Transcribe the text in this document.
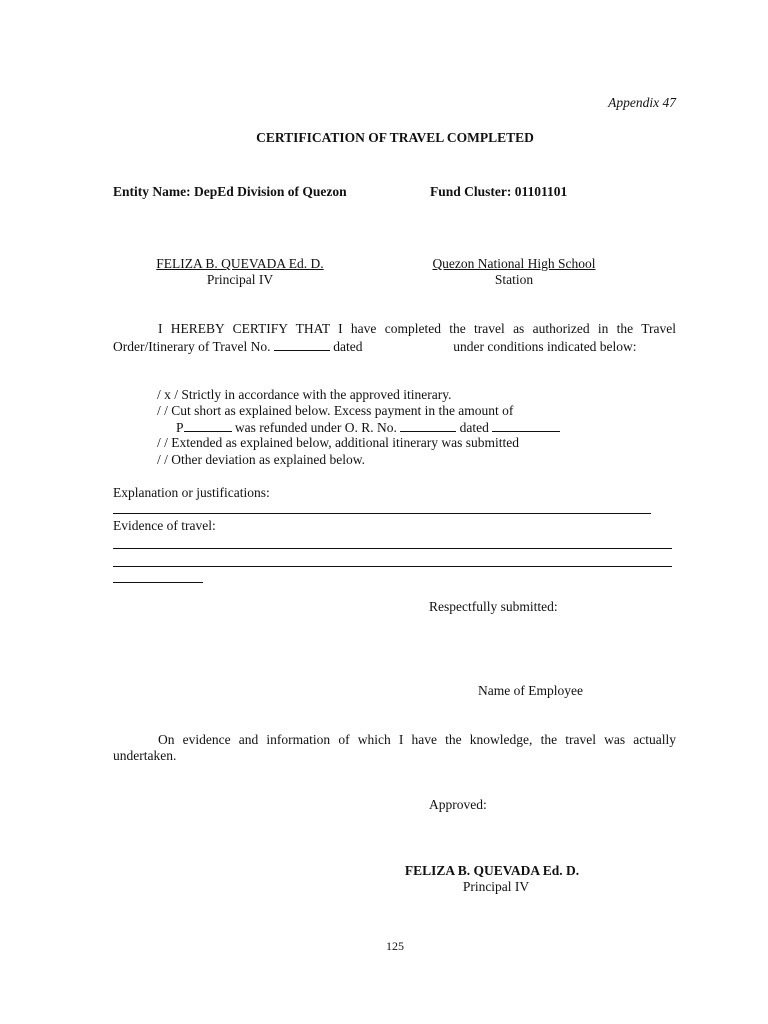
Appendix 47
CERTIFICATION OF TRAVEL COMPLETED
Entity Name: DepEd Division of Quezon	Fund Cluster: 01101101
FELIZA B. QUEVADA Ed. D.
Principal IV
Quezon National High School
Station
I HEREBY CERTIFY THAT I have completed the travel as authorized in the Travel
Order/Itinerary of Travel No.	dated	under conditions indicated below:
/ x / Strictly in accordance with the approved itinerary.
/ / Cut short as explained below. Excess payment in the amount of
P	was refunded under O. R. No.	dated
/ / Extended as explained below, additional itinerary was submitted
/ / Other deviation as explained below.
Explanation or justifications:
Evidence of travel:
Respectfully submitted:
Name of Employee
On evidence and information of which I have the knowledge, the travel was actually
undertaken.
Approved:
FELIZA B. QUEVADA Ed. D.
Principal IV
125
